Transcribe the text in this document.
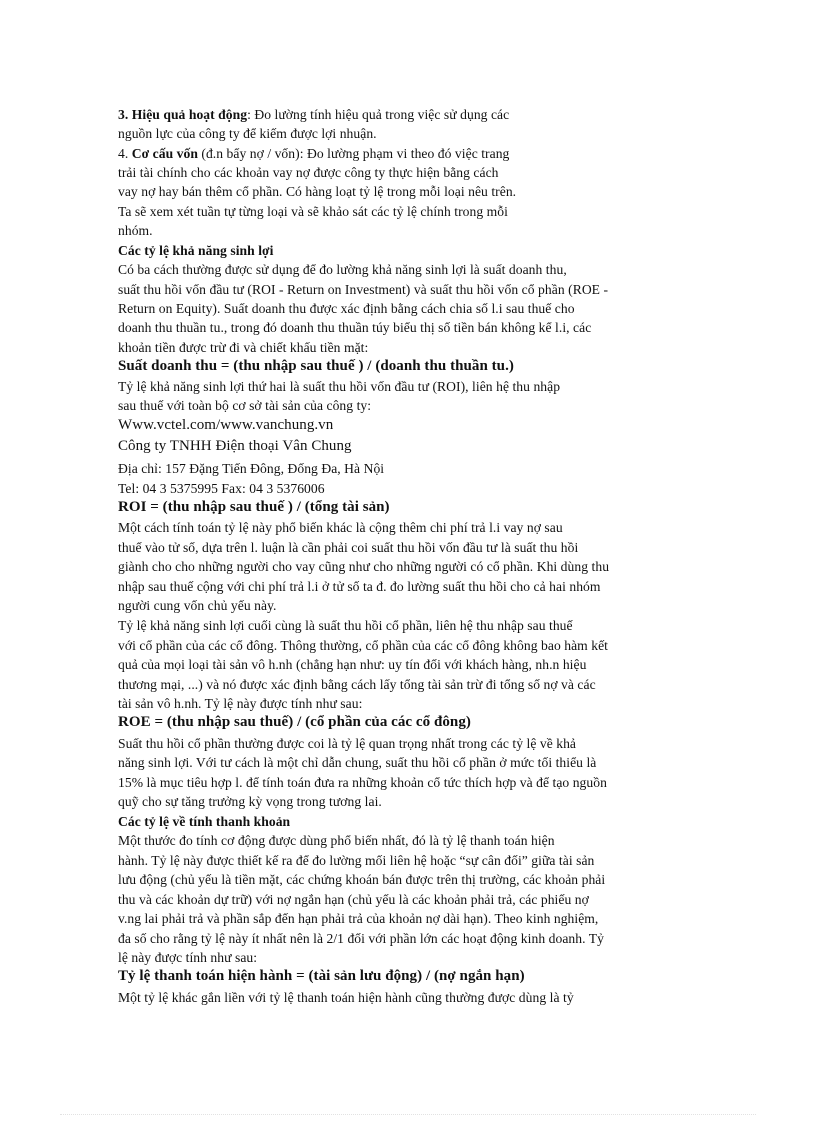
3. Hiệu quả hoạt động: Đo lường tính hiệu quả trong việc sử dụng các
nguồn lực của công ty để kiếm được lợi nhuận.
4. Cơ cấu vốn (đ.n bẩy nợ / vốn): Đo lường phạm vi theo đó việc trang
trải tài chính cho các khoản vay nợ được công ty thực hiện bằng cách
vay nợ hay bán thêm cổ phần. Có hàng loạt tỷ lệ trong mỗi loại nêu trên.
Ta sẽ xem xét tuần tự từng loại và sẽ khảo sát các tỷ lệ chính trong mỗi
nhóm.
Các tỷ lệ khả năng sinh lợi
Có ba cách thường được sử dụng để đo lường khả năng sinh lợi là suất doanh thu,
suất thu hồi vốn đầu tư (ROI - Return on Investment) và suất thu hồi vốn cổ phần (ROE -
Return on Equity). Suất doanh thu được xác định bằng cách chia số l.i sau thuế cho
doanh thu thuần tu., trong đó doanh thu thuần túy biểu thị số tiền bán không kể l.i, các
khoản tiền được trừ đi và chiết khấu tiền mặt:
Suất doanh thu = (thu nhập sau thuế ) / (doanh thu thuần tu.)
Tỷ lệ khả năng sinh lợi thứ hai là suất thu hồi vốn đầu tư (ROI), liên hệ thu nhập
sau thuế với toàn bộ cơ sở tài sản của công ty:
Www.vctel.com/www.vanchung.vn
Công ty TNHH Điện thoại Vân Chung
Địa chỉ: 157 Đặng Tiến Đông, Đống Đa, Hà Nội
Tel: 04 3 5375995 Fax: 04 3 5376006
ROI = (thu nhập sau thuế ) / (tổng tài sản)
Một cách tính toán tỷ lệ này phổ biến khác là cộng thêm chi phí trả l.i vay nợ sau
thuế vào tử số, dựa trên l. luận là cần phải coi suất thu hồi vốn đầu tư là suất thu hồi
giành cho cho những người cho vay cũng như cho những người có cổ phần. Khi dùng thu
nhập sau thuế cộng với chi phí trả l.i ở tử số ta đ. đo lường suất thu hồi cho cả hai nhóm
người cung vốn chủ yếu này.
Tỷ lệ khả năng sinh lợi cuối cùng là suất thu hồi cổ phần, liên hệ thu nhập sau thuế
với cổ phần của các cổ đông. Thông thường, cổ phần của các cổ đông không bao hàm kết
quả của mọi loại tài sản vô h.nh (chẳng hạn như: uy tín đối với khách hàng, nh.n hiệu
thương mại, ...) và nó được xác định bằng cách lấy tổng tài sản trừ đi tổng số nợ và các
tài sản vô h.nh. Tỷ lệ này được tính như sau:
ROE = (thu nhập sau thuế) / (cổ phần của các cổ đông)
Suất thu hồi cổ phần thường được coi là tỷ lệ quan trọng nhất trong các tỷ lệ về khả
năng sinh lợi. Với tư cách là một chỉ dẫn chung, suất thu hồi cổ phần ở mức tối thiểu là
15% là mục tiêu hợp l. để tính toán đưa ra những khoản cổ tức thích hợp và để tạo nguồn
quỹ cho sự tăng trưởng kỳ vọng trong tương lai.
Các tỷ lệ về tính thanh khoản
Một thước đo tính cơ động được dùng phổ biến nhất, đó là tỷ lệ thanh toán hiện
hành. Tỷ lệ này được thiết kế ra để đo lường mối liên hệ hoặc “sự cân đối” giữa tài sản
lưu động (chủ yếu là tiền mặt, các chứng khoán bán được trên thị trường, các khoản phải
thu và các khoản dự trữ) với nợ ngắn hạn (chủ yếu là các khoản phải trả, các phiếu nợ
v.ng lai phải trả và phần sắp đến hạn phải trả của khoản nợ dài hạn). Theo kinh nghiệm,
đa số cho rằng tỷ lệ này ít nhất nên là 2/1 đối với phần lớn các hoạt động kinh doanh. Tỷ
lệ này được tính như sau:
Tỷ lệ thanh toán hiện hành = (tài sản lưu động) / (nợ ngắn hạn)
Một tỷ lệ khác gắn liền với tỷ lệ thanh toán hiện hành cũng thường được dùng là tỷ
